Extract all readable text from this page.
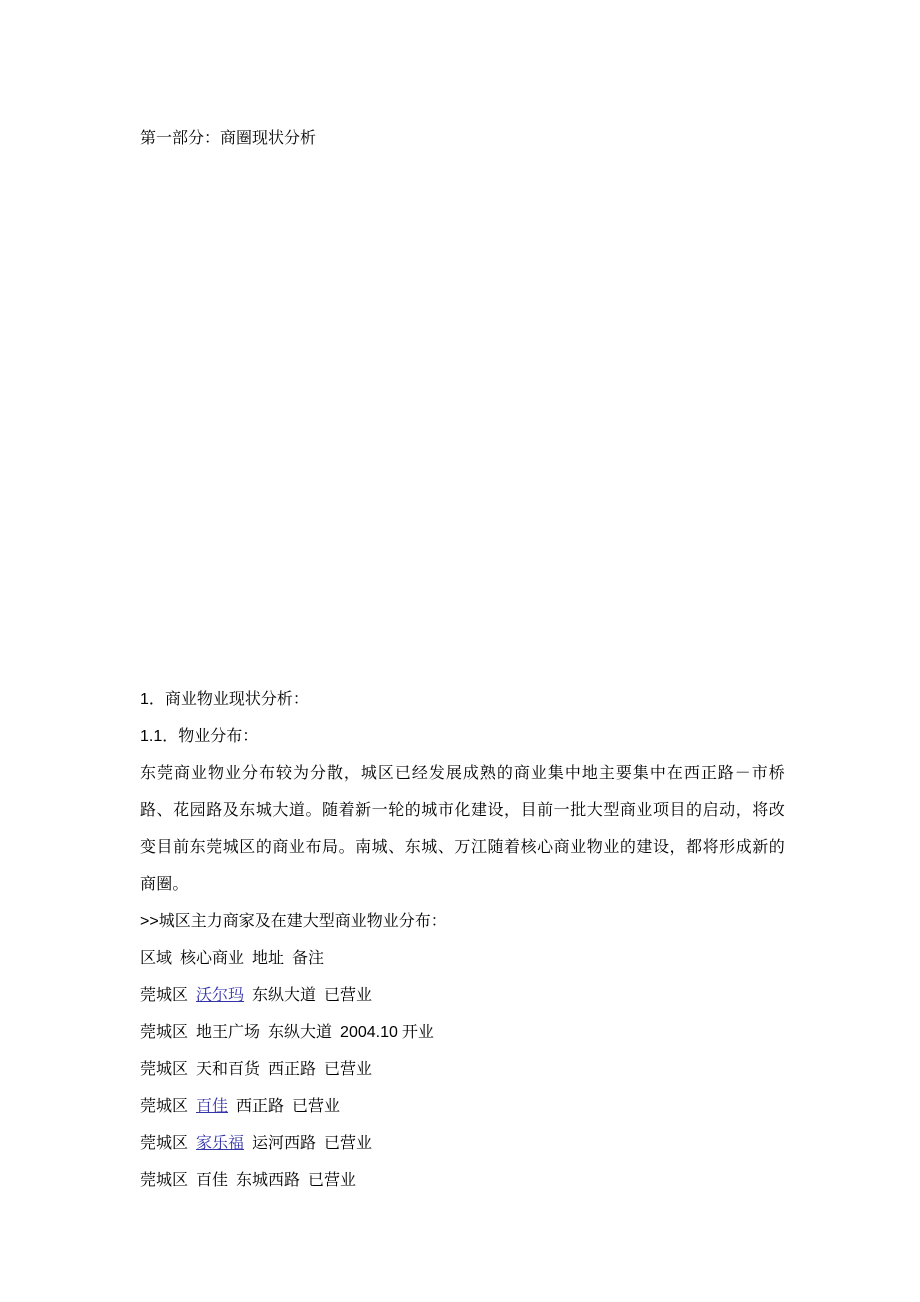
第一部分：商圈现状分析
1．商业物业现状分析：
1.1．物业分布：
东莞商业物业分布较为分散，城区已经发展成熟的商业集中地主要集中在西正路－市桥路、花园路及东城大道。随着新一轮的城市化建设，目前一批大型商业项目的启动，将改变目前东莞城区的商业布局。南城、东城、万江随着核心商业物业的建设，都将形成新的商圈。
>>城区主力商家及在建大型商业物业分布：
区域 核心商业 地址 备注
莞城区 沃尔玛 东纵大道 已营业
莞城区 地王广场 东纵大道 2004.10 开业
莞城区 天和百货 西正路 已营业
莞城区 百佳 西正路 已营业
莞城区 家乐福 运河西路 已营业
莞城区 百佳 东城西路 已营业
